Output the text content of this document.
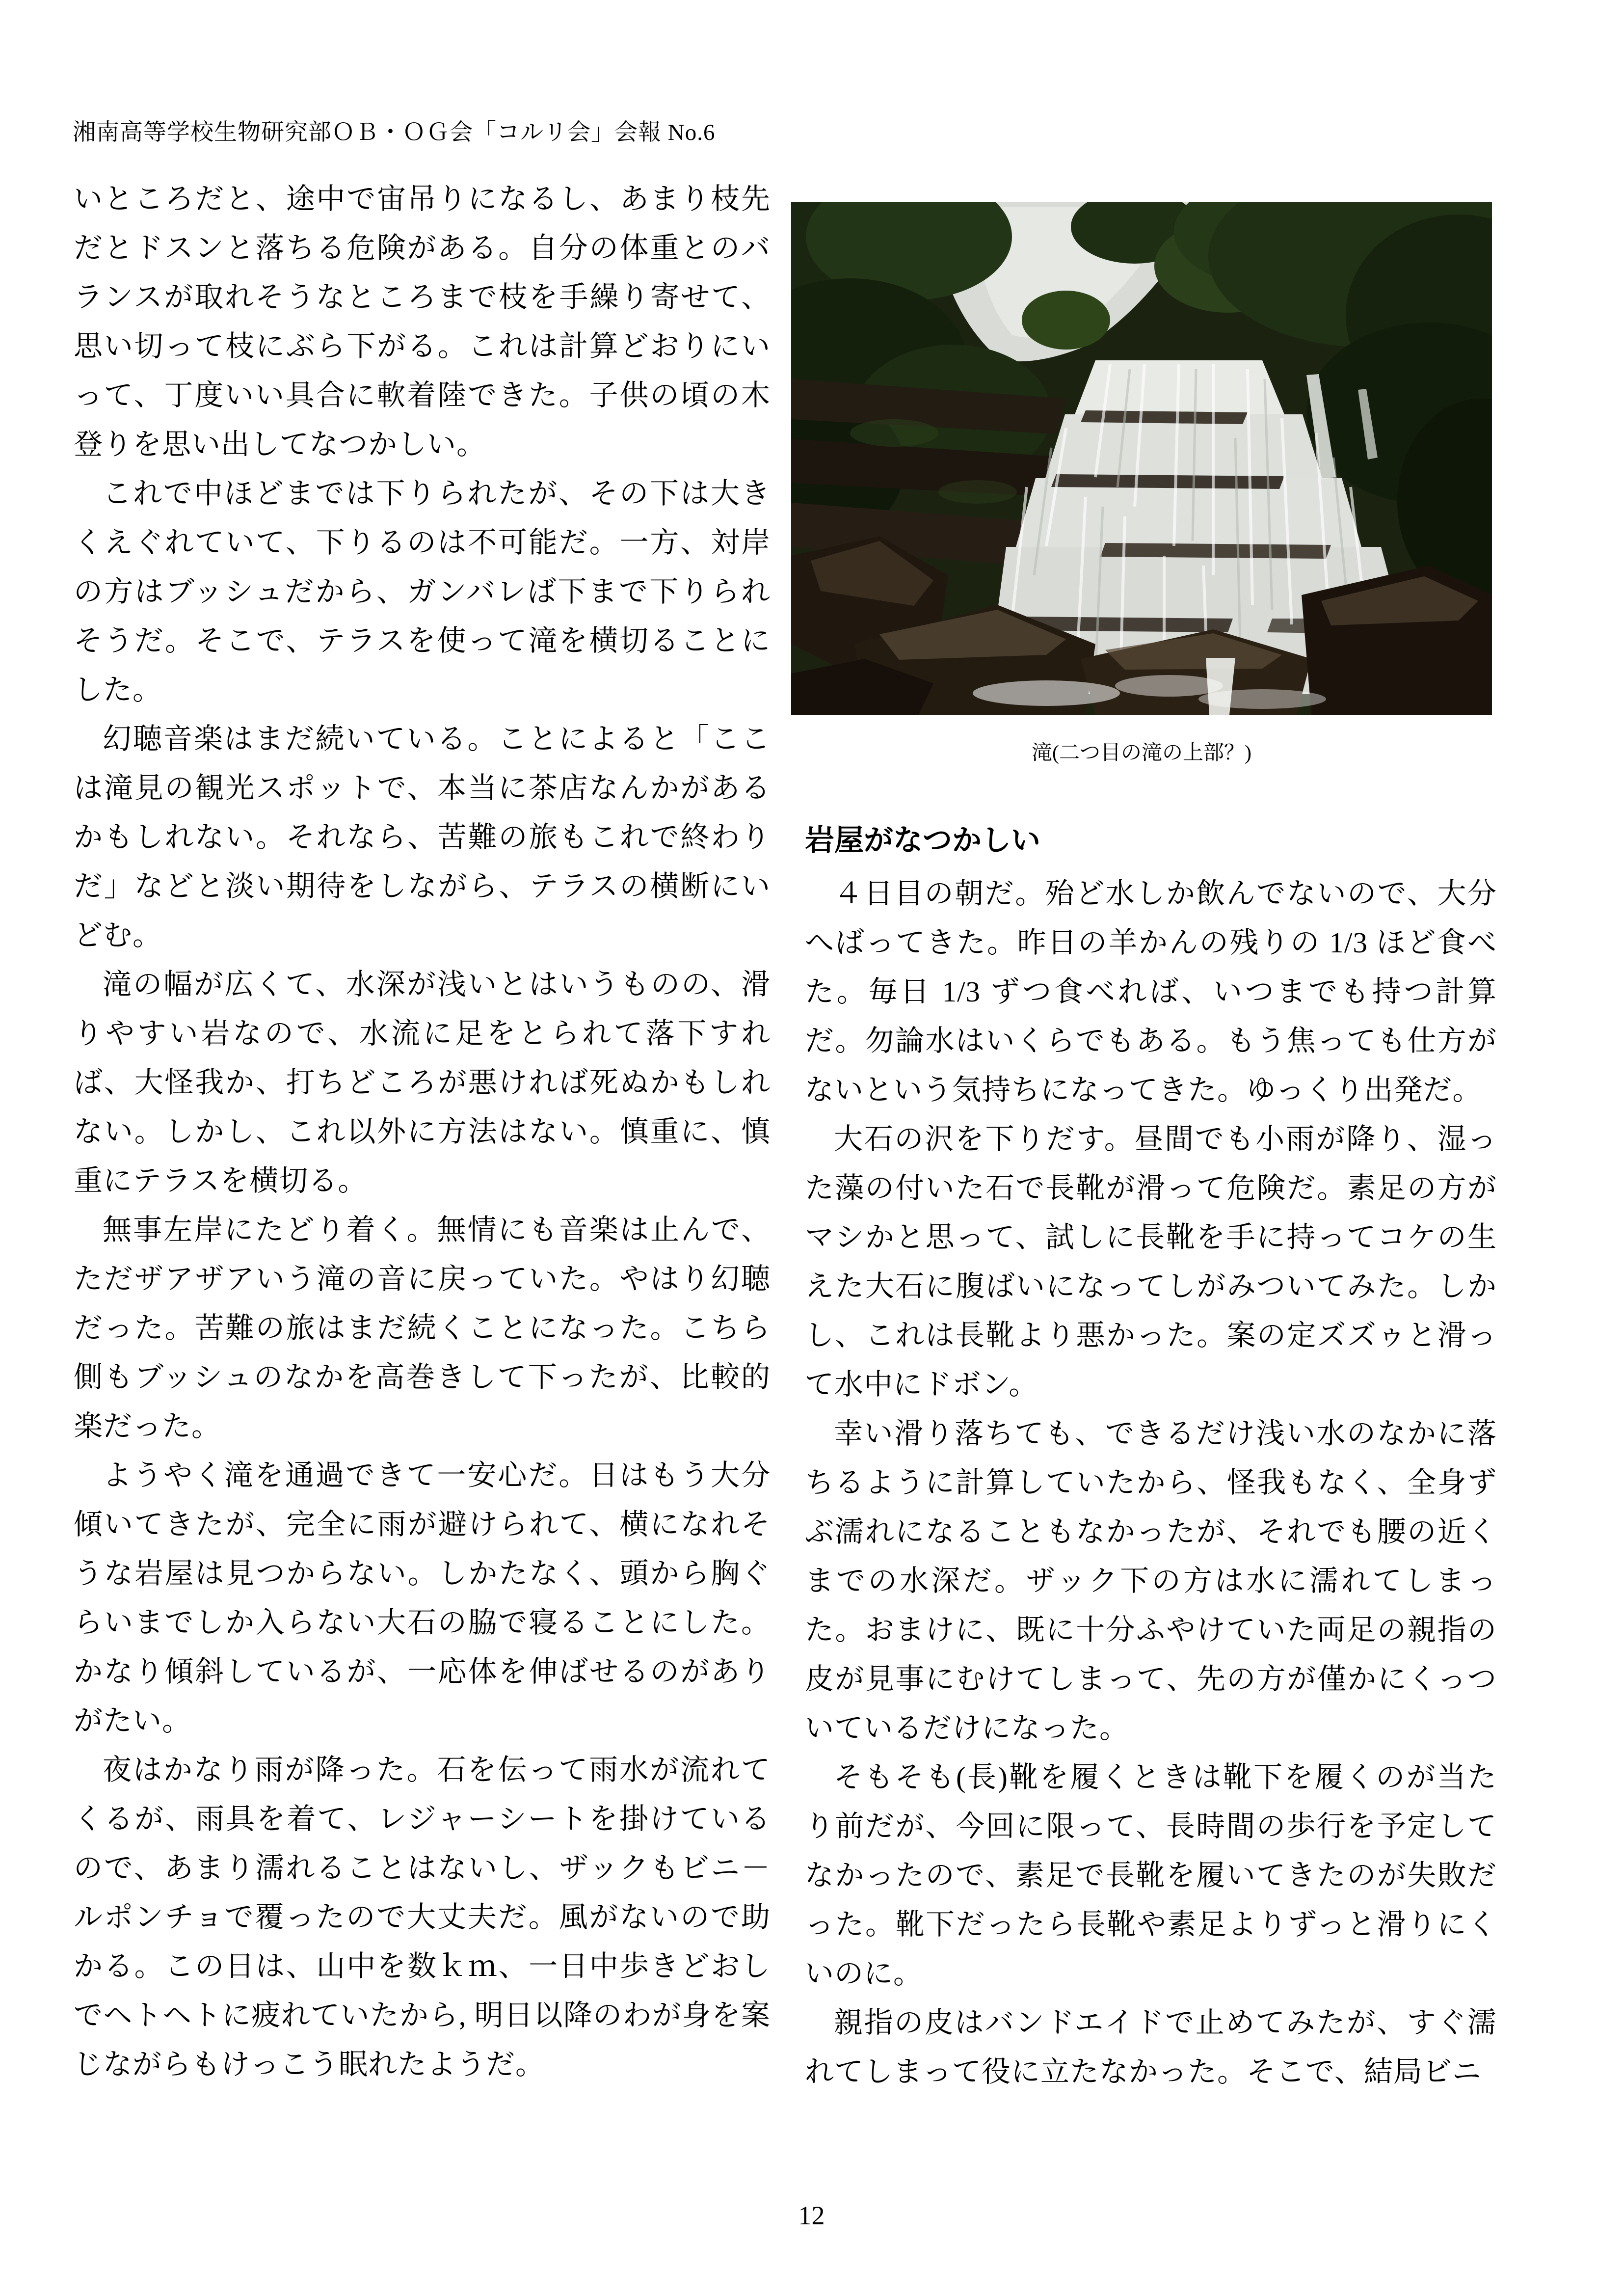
湘南高等学校生物研究部ＯＢ・ＯＧ会「コルリ会」会報 No.6

いところだと、途中で宙吊りになるし、あまり枝先だとドスンと落ちる危険がある。自分の体重とのバランスが取れそうなところまで枝を手繰り寄せて、思い切って枝にぶら下がる。これは計算どおりにいって、丁度いい具合に軟着陸できた。子供の頃の木登りを思い出してなつかしい。

これで中ほどまでは下りられたが、その下は大きくえぐれていて、下りるのは不可能だ。一方、対岸の方はブッシュだから、ガンバレば下まで下りられそうだ。そこで、テラスを使って滝を横切ることにした。

幻聴音楽はまだ続いている。ことによると「ここは滝見の観光スポットで、本当に茶店なんかがあるかもしれない。それなら、苦難の旅もこれで終わりだ」などと淡い期待をしながら、テラスの横断にいどむ。

滝の幅が広くて、水深が浅いとはいうものの、滑りやすい岩なので、水流に足をとられて落下すれば、大怪我か、打ちどころが悪ければ死ぬかもしれない。しかし、これ以外に方法はない。慎重に、慎重にテラスを横切る。

無事左岸にたどり着く。無情にも音楽は止んで、ただザアザアいう滝の音に戻っていた。やはり幻聴だった。苦難の旅はまだ続くことになった。こちら側もブッシュのなかを高巻きして下ったが、比較的楽だった。

ようやく滝を通過できて一安心だ。日はもう大分傾いてきたが、完全に雨が避けられて、横になれそうな岩屋は見つからない。しかたなく、頭から胸ぐらいまでしか入らない大石の脇で寝ることにした。かなり傾斜しているが、一応体を伸ばせるのがありがたい。

夜はかなり雨が降った。石を伝って雨水が流れてくるが、雨具を着て、レジャーシートを掛けているので、あまり濡れることはないし、ザックもビニ－ルポンチョで覆ったので大丈夫だ。風がないので助かる。この日は、山中を数ｋｍ、一日中歩きどおしでヘトヘトに疲れていたから, 明日以降のわが身を案じながらもけっこう眠れたようだ。

滝(二つ目の滝の上部？)
岩屋がなつかしい

４日目の朝だ。殆ど水しか飲んでないので、大分へばってきた。昨日の羊かんの残りの 1/3 ほど食べた。毎日 1/3 ずつ食べれば、いつまでも持つ計算だ。勿論水はいくらでもある。もう焦っても仕方がないという気持ちになってきた。ゆっくり出発だ。

大石の沢を下りだす。昼間でも小雨が降り、湿った藻の付いた石で長靴が滑って危険だ。素足の方がマシかと思って、試しに長靴を手に持ってコケの生えた大石に腹ばいになってしがみついてみた。しかし、これは長靴より悪かった。案の定ズズゥと滑って水中にドボン。

幸い滑り落ちても、できるだけ浅い水のなかに落ちるように計算していたから、怪我もなく、全身ずぶ濡れになることもなかったが、それでも腰の近くまでの水深だ。ザック下の方は水に濡れてしまった。おまけに、既に十分ふやけていた両足の親指の皮が見事にむけてしまって、先の方が僅かにくっついているだけになった。

そもそも(長)靴を履くときは靴下を履くのが当たり前だが、今回に限って、長時間の歩行を予定してなかったので、素足で長靴を履いてきたのが失敗だった。靴下だったら長靴や素足よりずっと滑りにくいのに。

親指の皮はバンドエイドで止めてみたが、すぐ濡れてしまって役に立たなかった。そこで、結局ビニ

12
